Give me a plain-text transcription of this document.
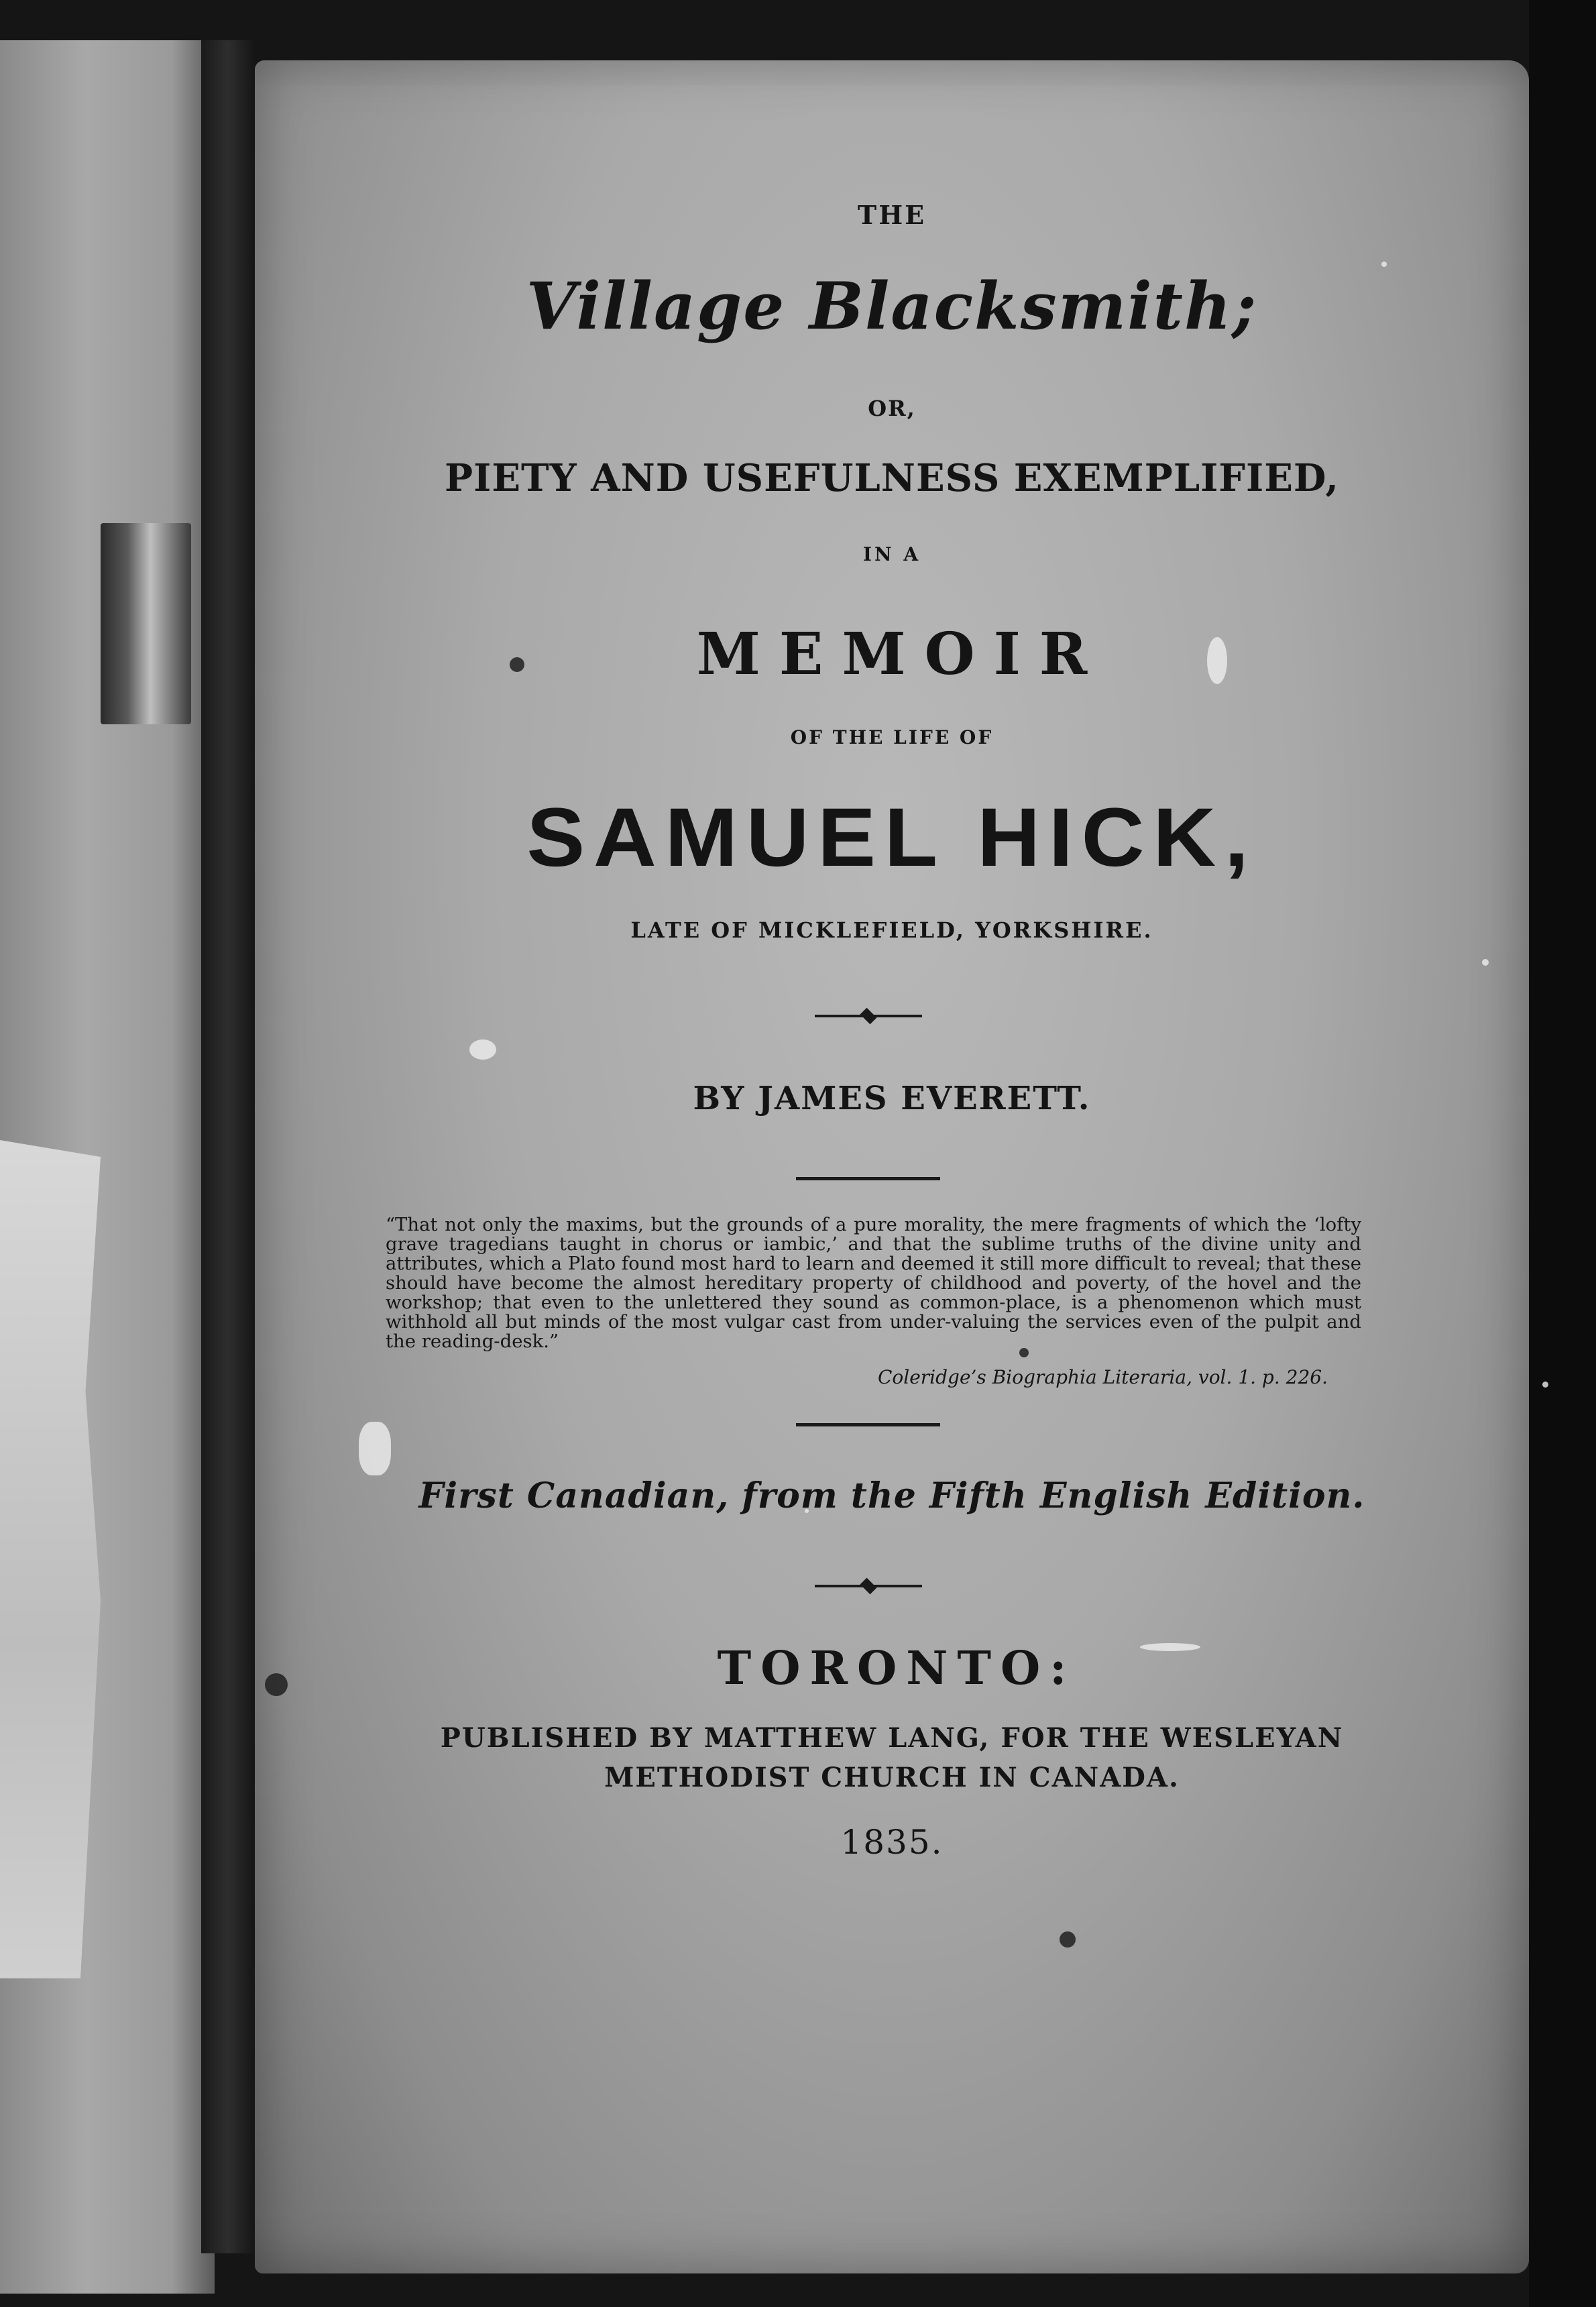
THE

Village Blacksmith;

OR,

PIETY AND USEFULNESS EXEMPLIFIED,

IN A

MEMOIR

OF THE LIFE OF

SAMUEL HICK,

LATE OF MICKLEFIELD, YORKSHIRE.

BY JAMES EVERETT.

“That not only the maxims, but the grounds of a pure morality, the mere fragments of which the ‘lofty grave tragedians taught in chorus or iambic,’ and that the sublime truths of the divine unity and attributes, which a Plato found most hard to learn and deemed it still more difficult to reveal; that these should have become the almost hereditary property of childhood and poverty, of the hovel and the workshop; that even to the unlettered they sound as common-place, is a phenomenon which must withhold all but minds of the most vulgar cast from under-valuing the services even of the pulpit and the reading-desk.”

Coleridge’s Biographia Literaria, vol. 1. p. 226.

First Canadian, from the Fifth English Edition.

TORONTO:

PUBLISHED BY MATTHEW LANG, FOR THE WESLEYAN

METHODIST CHURCH IN CANADA.

1835.
